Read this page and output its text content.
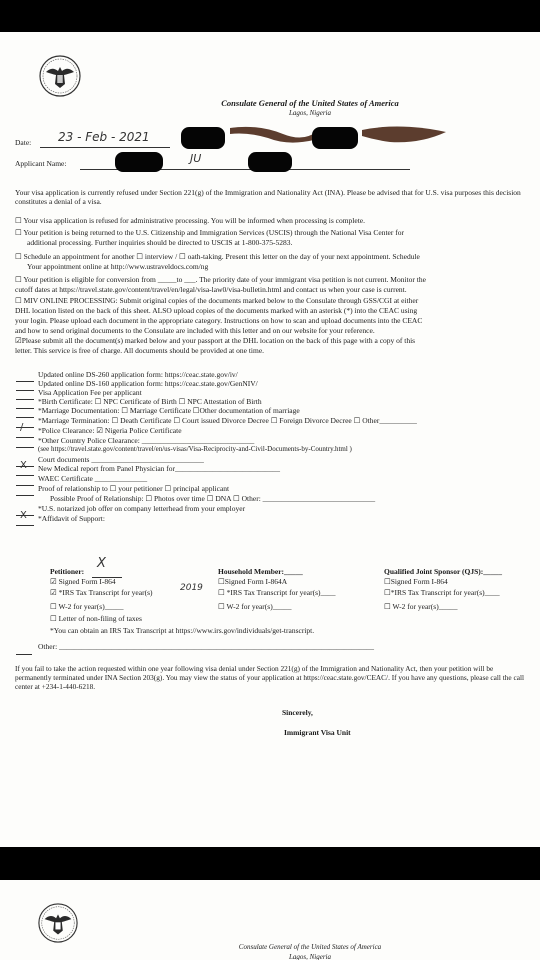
Consulate General of the United States of America
Lagos, Nigeria
Date: 23 - Feb - 2021
Applicant Name:	JU
Your visa application is currently refused under Section 221(g) of the Immigration and Nationality Act (INA). Please be advised that for U.S. visa purposes this decision constitutes a denial of a visa.
☐ Your visa application is refused for administrative processing. You will be informed when processing is complete.
☐ Your petition is being returned to the U.S. Citizenship and Immigration Services (USCIS) through the National Visa Center for
additional processing. Further inquiries should be directed to USCIS at 1-800-375-5283.
☐ Schedule an appointment for another ☐ interview / ☐ oath-taking. Present this letter on the day of your next appointment. Schedule
Your appointment online at http://www.ustraveldocs.com/ng
☐ Your petition is eligible for conversion from _____to ___. The priority date of your immigrant visa petition is not current. Monitor the
cutoff dates at https://travel.state.gov/content/travel/en/legal/visa-law0/visa-bulletin.html and contact us when your case is current.
☐ MIV ONLINE PROCESSING: Submit original copies of the documents marked below to the Consulate through GSS/CGI at either
DHL location listed on the back of this sheet. ALSO upload copies of the documents marked with an asterisk (*) into the CEAC using
your login. Please upload each document in the appropriate category. Instructions on how to scan and upload documents into the CEAC
and how to send original documents to the Consulate are included with this letter and on our website for your reference.
☑Please submit all the document(s) marked below and your passport at the DHL location on the back of this page with a copy of this
letter. This service is free of charge. All documents should be provided at one time.
Updated online DS-260 application form: https://ceac.state.gov/iv/
Updated online DS-160 application form: https://ceac.state.gov/GenNIV/
Visa Application Fee per applicant
*Birth Certificate: ☐ NPC Certificate of Birth ☐ NPC Attestation of Birth
*Marriage Documentation: ☐ Marriage Certificate ☐Other documentation of marriage
*Marriage Termination: ☐ Death Certificate ☐ Court issued Divorce Decree ☐ Foreign Divorce Decree ☐ Other__________
*Police Clearance: ☑ Nigeria Police Certificate
*Other Country Police Clearance: ______________________________
(see https://travel.state.gov/content/travel/en/us-visas/Visa-Reciprocity-and-Civil-Documents-by-Country.html )
Court documents ______________________________
New Medical report from Panel Physician for____________________________
WAEC Certificate ______________
Proof of relationship to ☐ your petitioner ☐ principal applicant
Possible Proof of Relationship: ☐ Photos over time ☐ DNA ☐ Other: ______________________________
*U.S. notarized job offer on company letterhead from your employer
*Affidavit of Support:
/
X
X
Petitioner:
X
☑ Signed Form I-864
☑ *IRS Tax Transcript for year(s)	2019
☐ W-2 for year(s)_____
☐ Letter of non-filing of taxes
Household Member:_____
☐Signed Form I-864A
☐ *IRS Tax Transcript for year(s)____
☐ W-2 for year(s)_____
Qualified Joint Sponsor (QJS):_____
☐Signed Form I-864
☐*IRS Tax Transcript for year(s)____
☐ W-2 for year(s)_____
*You can obtain an IRS Tax Transcript at https://www.irs.gov/individuals/get-transcript.
Other: ____________________________________________________________________________________
If you fail to take the action requested within one year following visa denial under Section 221(g) of the Immigration and Nationality Act, then your petition will be permanently terminated under INA Section 203(g). You may view the status of your application at https://ceac.state.gov/CEAC/. If you have any questions, please call the call center at +234-1-440-6218.
Sincerely,
Immigrant Visa Unit
Consulate General of the United States of America
Lagos, Nigeria
